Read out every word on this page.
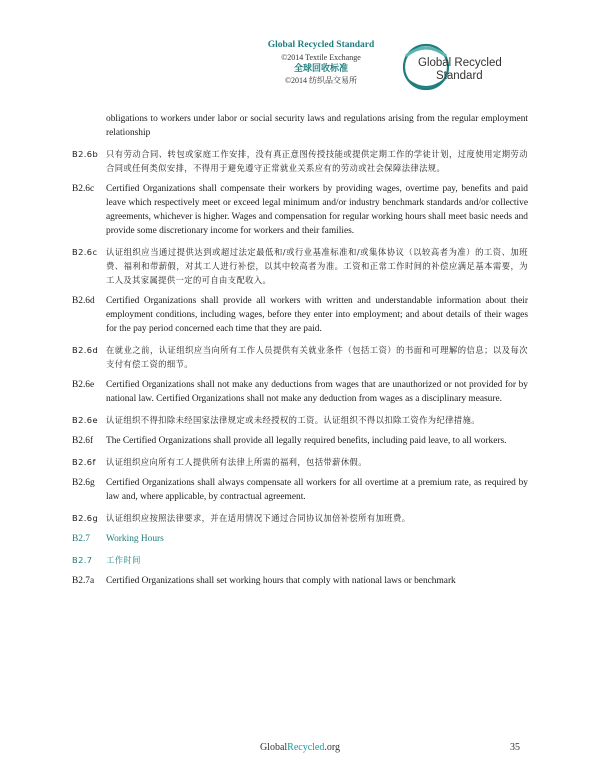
Global Recycled Standard
©2014 Textile Exchange
全球回收标准
©2014 纺织品交易所
Global Recycled
Standard
obligations to workers under labor or social security laws and regulations arising from the regular employment relationship
B2.6b 只有劳动合同、转包或家庭工作安排，没有真正意图传授技能或提供定期工作的学徒计划，过度使用定期劳动合同或任何类似安排，不得用于避免遵守正常就业关系应有的劳动或社会保障法律法规。
B2.6c	Certified Organizations shall compensate their workers by providing wages, overtime pay, benefits and paid leave which respectively meet or exceed legal minimum and/or industry benchmark standards and/or collective agreements, whichever is higher. Wages and compensation for regular working hours shall meet basic needs and provide some discretionary income for workers and their families.
B2.6c	认证组织应当通过提供达到或超过法定最低和/或行业基准标准和/或集体协议（以较高者为准）的工资、加班费、福利和带薪假，对其工人进行补偿，以其中较高者为准。工资和正常工作时间的补偿应满足基本需要，为工人及其家属提供一定的可自由支配收入。
B2.6d	Certified Organizations shall provide all workers with written and understandable information about their employment conditions, including wages, before they enter into employment; and about details of their wages for the pay period concerned each time that they are paid.
B2.6d 在就业之前，认证组织应当向所有工作人员提供有关就业条件（包括工资）的书面和可理解的信息；以及每次支付有偿工资的细节。
B2.6e	Certified Organizations shall not make any deductions from wages that are unauthorized or not provided for by national law. Certified Organizations shall not make any deduction from wages as a disciplinary measure.
B2.6e 认证组织不得扣除未经国家法律规定或未经授权的工资。认证组织不得以扣除工资作为纪律措施。
B2.6f	The Certified Organizations shall provide all legally required benefits, including paid leave, to all workers.
B2.6f	认证组织应向所有工人提供所有法律上所需的福利，包括带薪休假。
B2.6g	Certified Organizations shall always compensate all workers for all overtime at a premium rate, as required by law and, where applicable, by contractual agreement.
B2.6g 认证组织应按照法律要求，并在适用情况下通过合同协议加倍补偿所有加班费。
B2.7	Working Hours
B2.7	工作时间
B2.7a	Certified Organizations shall set working hours that comply with national laws or benchmark
GlobalRecycled.org	35
